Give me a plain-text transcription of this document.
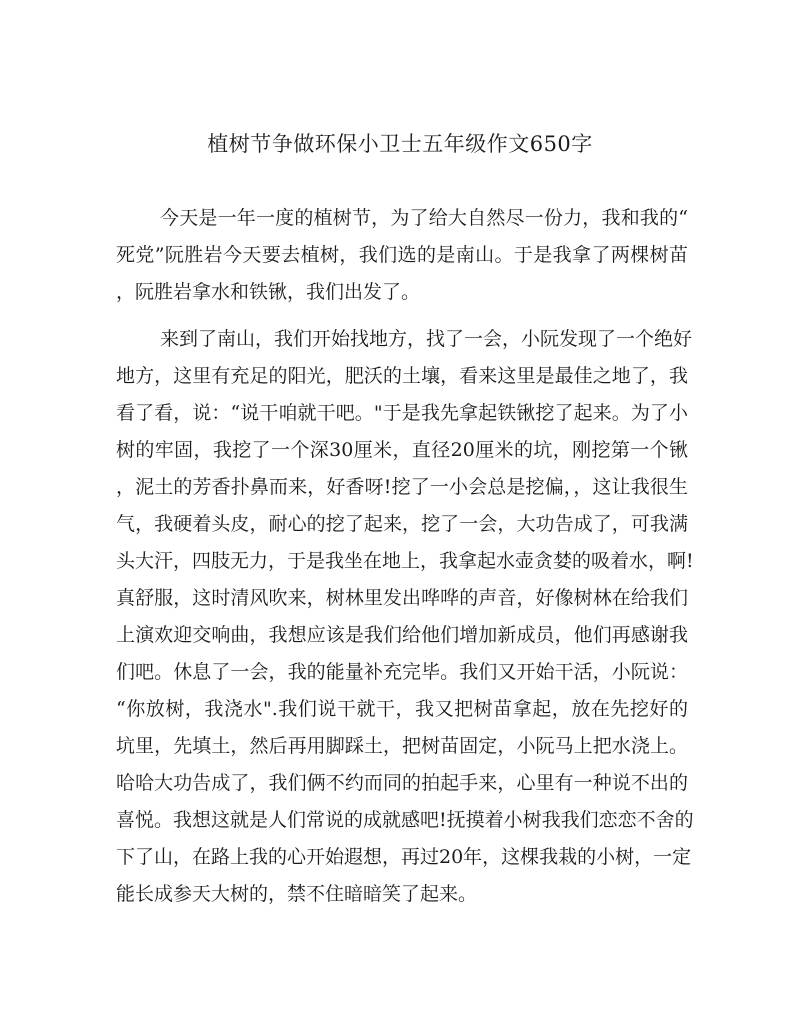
植树节争做环保小卫士五年级作文650字
今天是一年一度的植树节，为了给大自然尽一份力，我和我的“
死党”阮胜岩今天要去植树，我们选的是南山。于是我拿了两棵树苗
，阮胜岩拿水和铁锹，我们出发了。
来到了南山，我们开始找地方，找了一会，小阮发现了一个绝好
地方，这里有充足的阳光，肥沃的土壤，看来这里是最佳之地了，我
看了看，说：“说干咱就干吧。"于是我先拿起铁锹挖了起来。为了小
树的牢固，我挖了一个深30厘米，直径20厘米的坑，刚挖第一个锹
，泥土的芳香扑鼻而来，好香呀!挖了一小会总是挖偏，，这让我很生
气，我硬着头皮，耐心的挖了起来，挖了一会，大功告成了，可我满
头大汗，四肢无力，于是我坐在地上，我拿起水壶贪婪的吸着水，啊!
真舒服，这时清风吹来，树林里发出哗哗的声音，好像树林在给我们
上演欢迎交响曲，我想应该是我们给他们增加新成员，他们再感谢我
们吧。休息了一会，我的能量补充完毕。我们又开始干活，小阮说：
“你放树，我浇水".我们说干就干，我又把树苗拿起，放在先挖好的
坑里，先填土，然后再用脚踩土，把树苗固定，小阮马上把水浇上。
哈哈大功告成了，我们俩不约而同的拍起手来，心里有一种说不出的
喜悦。我想这就是人们常说的成就感吧!抚摸着小树我我们恋恋不舍的
下了山，在路上我的心开始遐想，再过20年，这棵我栽的小树，一定
能长成参天大树的，禁不住暗暗笑了起来。
